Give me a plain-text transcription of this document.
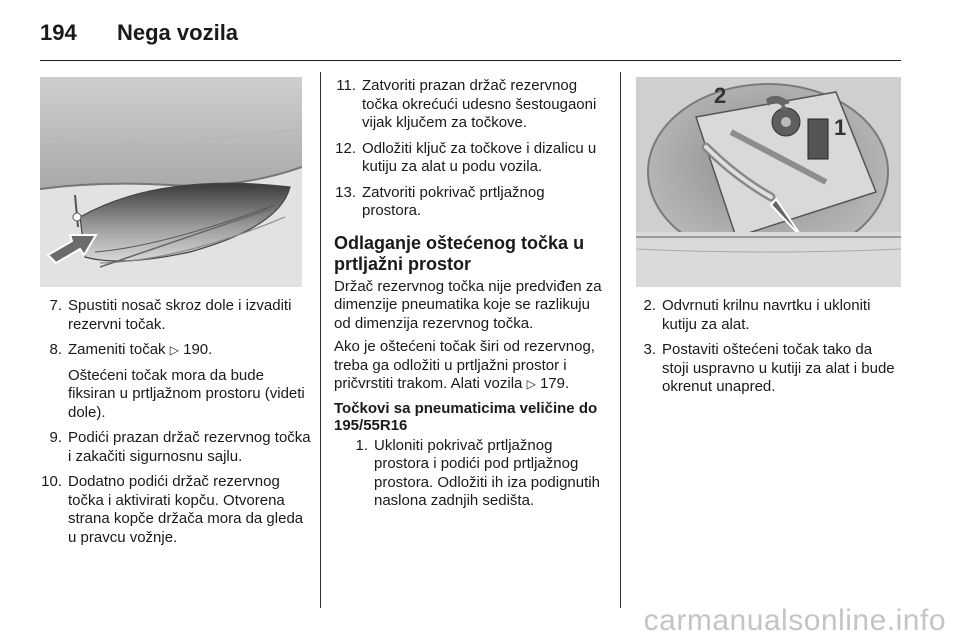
194 Nega vozila
7. Spustiti nosač skroz dole i izvaditi rezervni točak.

8. Zameniti točak ▷ 190.

Oštećeni točak mora da bude fiksiran u prtljažnom prostoru (videti dole).

9. Podići prazan držač rezervnog točka i zakačiti sigurnosnu sajlu.

10. Dodatno podići držač rezervnog točka i aktivirati kopču. Otvorena strana kopče držača mora da gleda u pravcu vožnje.

11. Zatvoriti prazan držač rezervnog točka okrećući udesno šestougaoni vijak ključem za točkove.

12. Odložiti ključ za točkove i dizalicu u kutiju za alat u podu vozila.

13. Zatvoriti pokrivač prtljažnog prostora.

Odlaganje oštećenog točka u prtljažni prostor

Držač rezervnog točka nije predviđen za dimenzije pneumatika koje se razlikuju od dimenzija rezervnog točka.

Ako je oštećeni točak širi od rezervnog, treba ga odložiti u prtljažni prostor i pričvrstiti trakom. Alati vozila ▷ 179.

Točkovi sa pneumaticima veličine do 195/55R16
1. Ukloniti pokrivač prtljažnog prostora i podići pod prtljažnog prostora. Odložiti ih iza podignutih naslona zadnjih sedišta.

2
1
2. Odvrnuti krilnu navrtku i ukloniti kutiju za alat.

3. Postaviti oštećeni točak tako da stoji uspravno u kutiji za alat i bude okrenut unapred.

carmanualsonline.info
